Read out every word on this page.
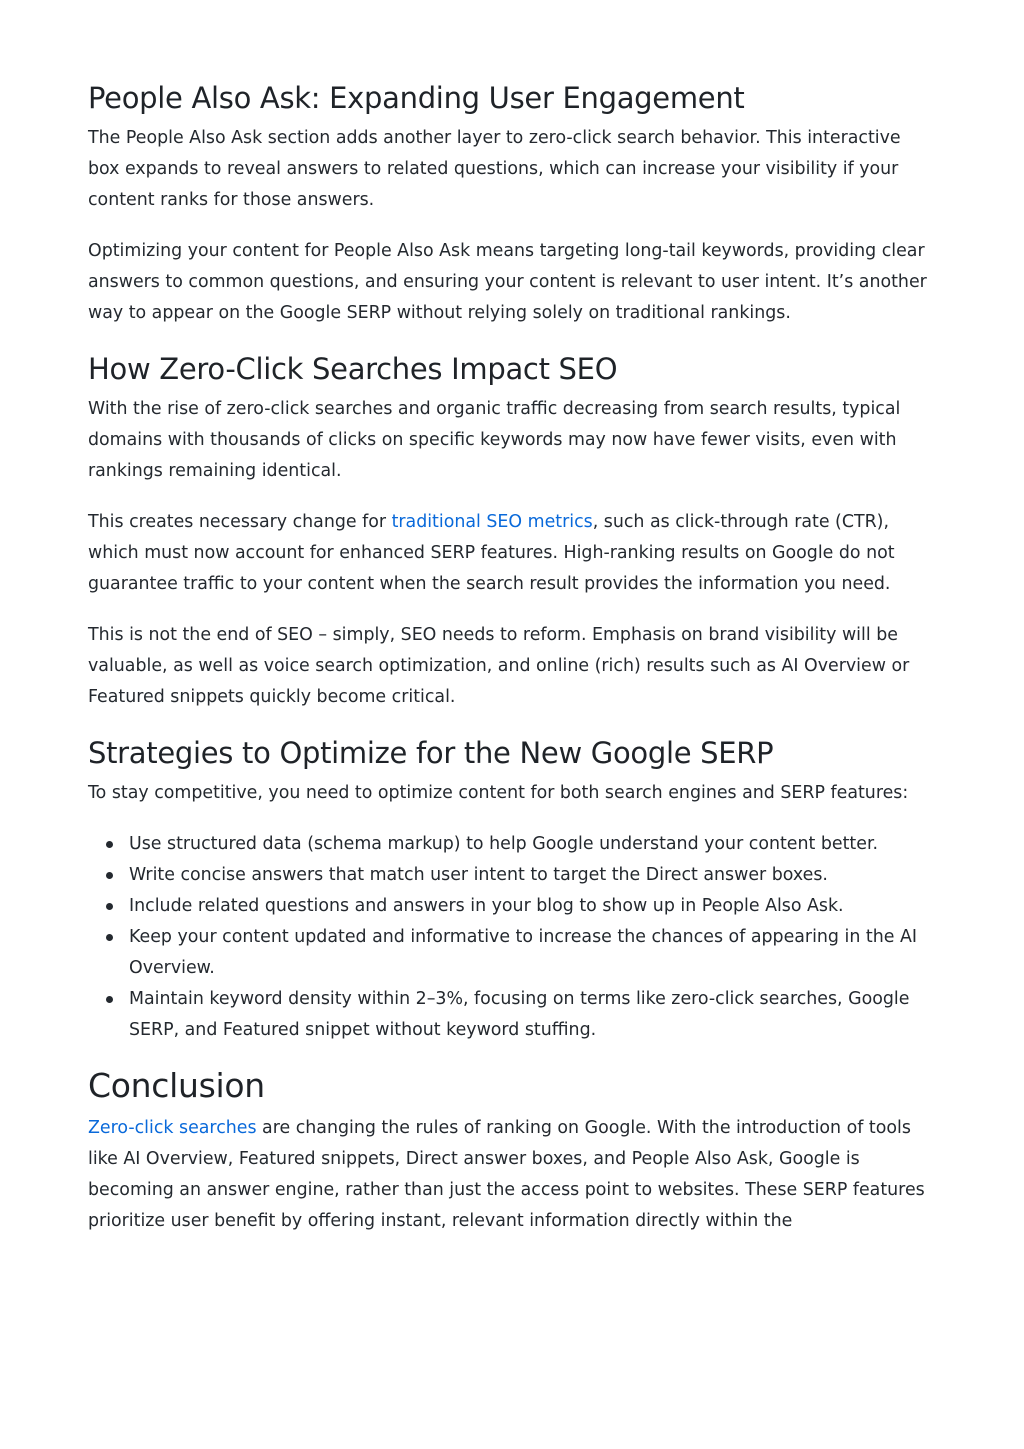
People Also Ask: Expanding User Engagement

The People Also Ask section adds another layer to zero-click search behavior. This interactive box expands to reveal answers to related questions, which can increase your visibility if your content ranks for those answers.

Optimizing your content for People Also Ask means targeting long-tail keywords, providing clear answers to common questions, and ensuring your content is relevant to user intent. It’s another way to appear on the Google SERP without relying solely on traditional rankings.

How Zero-Click Searches Impact SEO

With the rise of zero-click searches and organic traffic decreasing from search results, typical domains with thousands of clicks on specific keywords may now have fewer visits, even with rankings remaining identical.

This creates necessary change for traditional SEO metrics, such as click-through rate (CTR), which must now account for enhanced SERP features. High-ranking results on Google do not guarantee traffic to your content when the search result provides the information you need.

This is not the end of SEO – simply, SEO needs to reform. Emphasis on brand visibility will be valuable, as well as voice search optimization, and online (rich) results such as AI Overview or Featured snippets quickly become critical.

Strategies to Optimize for the New Google SERP

To stay competitive, you need to optimize content for both search engines and SERP features:

Use structured data (schema markup) to help Google understand your content better.
Write concise answers that match user intent to target the Direct answer boxes.
Include related questions and answers in your blog to show up in People Also Ask.
Keep your content updated and informative to increase the chances of appearing in the AI Overview.
Maintain keyword density within 2–3%, focusing on terms like zero-click searches, Google SERP, and Featured snippet without keyword stuffing.
Conclusion

Zero-click searches are changing the rules of ranking on Google. With the introduction of tools like AI Overview, Featured snippets, Direct answer boxes, and People Also Ask, Google is becoming an answer engine, rather than just the access point to websites. These SERP features prioritize user benefit by offering instant, relevant information directly within the
